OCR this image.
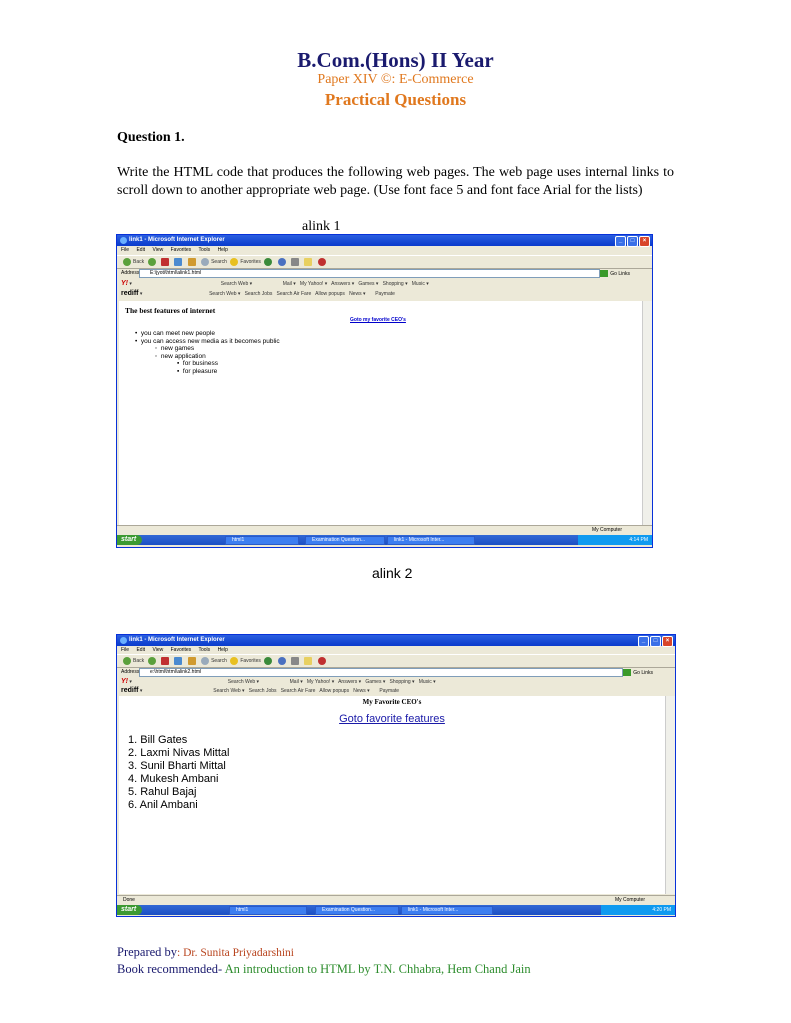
B.Com.(Hons) II Year
Paper XIV ©: E-Commerce
Practical Questions
Question 1.
Write the HTML code that produces the following web pages. The web page uses internal links to scroll down to another appropriate web page. (Use font face 5 and font face Arial for the lists)
alink 1
link1 - Microsoft Internet Explorer	_ □ ×
File Edit View Favorites Tools Help
Back	Search Favorites
Address	E:\jyoti\html\alink1.html	Go Links
Y! ▾                                                                Search Web ▾                      Mail ▾   My Yahoo! ▾   Answers ▾   Games ▾   Shopping ▾   Music ▾
rediff ▾                                                Search Web ▾   Search Jobs   Search Air Fare   Allow popups   News ▾       Paymate
The best features of internet
Goto my favorite CEO's
•  you can meet new people
•  you can access new media as it becomes public
◦  new games
◦  new application
▪  for business
▪  for pleasure
My Computer
start	html1	Examination Question...	link1 - Microsoft Inter...	4:14 PM
alink 2
link1 - Microsoft Internet Explorer	_ □ ×
File Edit View Favorites Tools Help
Back	Search Favorites
Address	e:\html\html\alink2.html	Go Links
Y! ▾                                                                     Search Web ▾                      Mail ▾   My Yahoo! ▾   Answers ▾   Games ▾   Shopping ▾   Music ▾
rediff ▾                                                   Search Web ▾   Search Jobs   Search Air Fare   Allow popups   News ▾       Paymate
My Favorite CEO's
Goto favorite features
1. Bill Gates
2. Laxmi Nivas Mittal
3. Sunil Bharti Mittal
4. Mukesh Ambani
5. Rahul Bajaj
6. Anil Ambani
Done	My Computer
start	html1	Examination Question...	link1 - Microsoft Inter...	4:20 PM
Prepared by: Dr. Sunita Priyadarshini
Book recommended- An introduction to HTML by T.N. Chhabra, Hem Chand Jain
